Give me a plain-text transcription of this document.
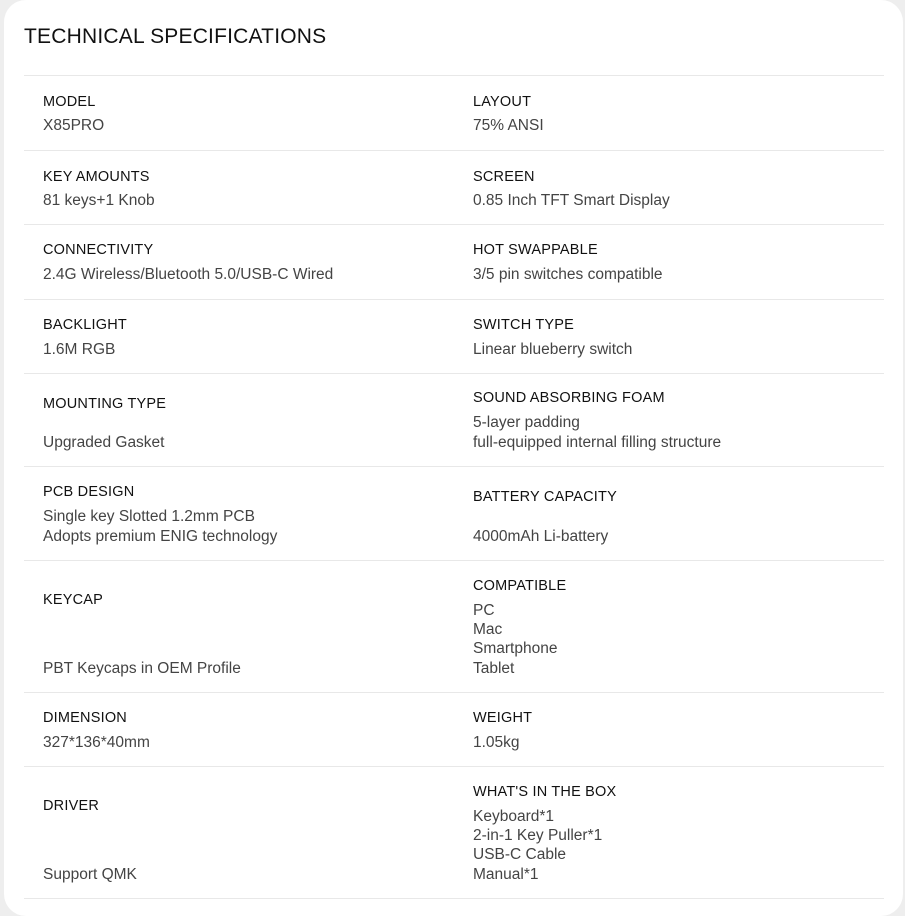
TECHNICAL SPECIFICATIONS
MODEL
X85PRO
LAYOUT
75% ANSI
KEY AMOUNTS
81 keys+1 Knob
SCREEN
0.85 Inch TFT Smart Display
CONNECTIVITY
2.4G Wireless/Bluetooth 5.0/USB-C Wired
HOT SWAPPABLE
3/5 pin switches compatible
BACKLIGHT
1.6M RGB
SWITCH TYPE
Linear blueberry switch
MOUNTING TYPE
Upgraded Gasket
SOUND ABSORBING FOAM
5-layer padding
full-equipped internal filling structure
PCB DESIGN
Single key Slotted 1.2mm PCB
Adopts premium ENIG technology
BATTERY CAPACITY
4000mAh Li-battery
KEYCAP
PBT Keycaps in OEM Profile
COMPATIBLE
PC
Mac
Smartphone
Tablet
DIMENSION
327*136*40mm
WEIGHT
1.05kg
DRIVER
Support QMK
WHAT'S IN THE BOX
Keyboard*1
2-in-1 Key Puller*1
USB-C Cable
Manual*1
